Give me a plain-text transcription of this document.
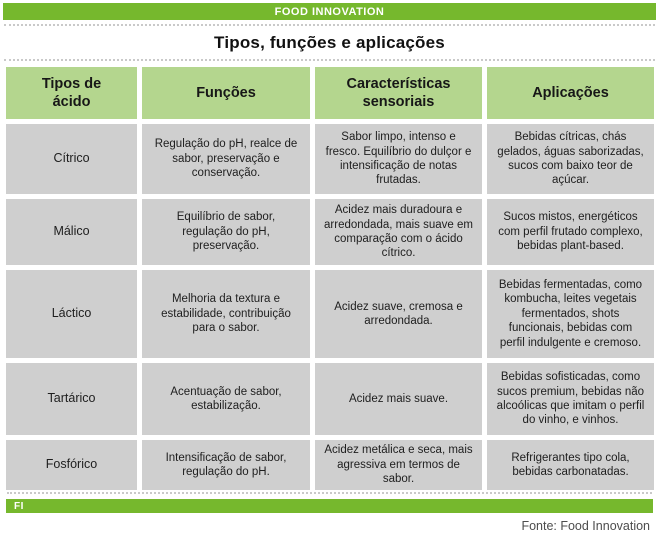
FOOD INNOVATION
Tipos, funções e aplicações
Tipos de ácido
Funções
Características sensoriais
Aplicações
Cítrico
Regulação do pH, realce de sabor, preservação e conservação.
Sabor limpo, intenso e fresco. Equilíbrio do dulçor e intensificação de notas frutadas.
Bebidas cítricas, chás gelados, águas saborizadas, sucos com baixo teor de açúcar.
Málico
Equilíbrio de sabor, regulação do pH, preservação.
Acidez mais duradoura e arredondada, mais suave em comparação com o ácido cítrico.
Sucos mistos, energéticos com perfil frutado complexo, bebidas plant-based.
Láctico
Melhoria da textura e estabilidade, contribuição para o sabor.
Acidez suave, cremosa e arredondada.
Bebidas fermentadas, como kombucha, leites vegetais fermentados, shots funcionais, bebidas com perfil indulgente e cremoso.
Tartárico	Acentuação de sabor, estabilização.
Acidez mais suave.
Bebidas sofisticadas, como sucos premium, bebidas não alcoólicas que imitam o perfil do vinho, e vinhos.
Fosfórico	Intensificação de sabor, regulação do pH.
Acidez metálica e seca, mais agressiva em termos de sabor.
Refrigerantes tipo cola, bebidas carbonatadas.
FI
Fonte: Food Innovation
